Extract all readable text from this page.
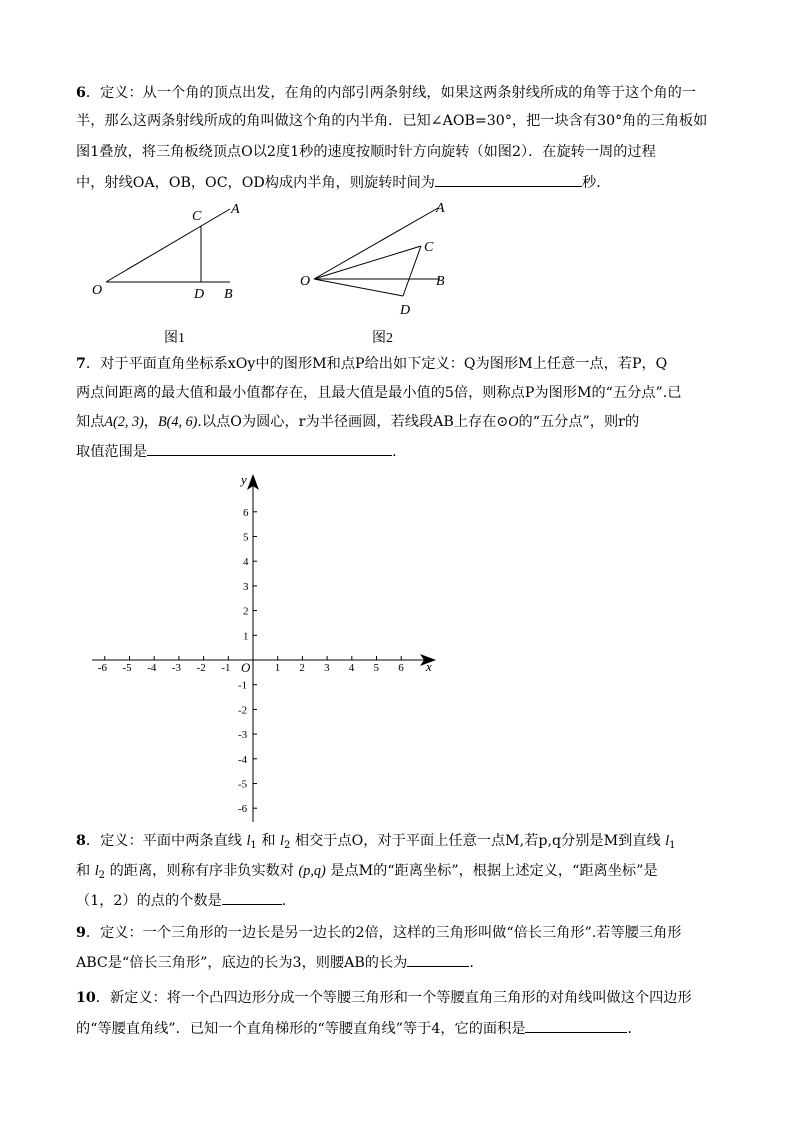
6．定义：从一个角的顶点出发，在角的内部引两条射线，如果这两条射线所成的角等于这个角的一
半，那么这两条射线所成的角叫做这个角的内半角．已知∠AOB=30°，把一块含有30°角的三角板如
图1叠放，将三角板绕顶点O以2度1秒的速度按顺时针方向旋转（如图2）．在旋转一周的过程
中，射线OA，OB，OC，OD构成内半角，则旋转时间为	秒．
O
A
C
D B
图1
O
A
C
B
D
图2
7．对于平面直角坐标系xOy中的图形M和点P给出如下定义：Q为图形M上任意一点，若P，Q
两点间距离的最大值和最小值都存在，且最大值是最小值的5倍，则称点P为图形M的“五分点”.已
知点A(2, 3)，B(4, 6).以点O为圆心，r为半径画圆，若线段AB上存在⊙O的“五分点”，则r的
取值范围是	.
x
y
O
-6 -5 -4 -3 -2 -1	1 2 3 4 5 6
6
5
4
3
2
1
-1
-2
-3
-4
-5
-6
8．定义：平面中两条直线 $l_1$ 和 $l_2$ 相交于点O，对于平面上任意一点M,若p,q分别是M到直线 $l_1$
和 $l_2$ 的距离，则称有序非负实数对 (p,q) 是点M的“距离坐标”，根据上述定义，“距离坐标”是
（1，2）的点的个数是	.
9．定义：一个三角形的一边长是另一边长的2倍，这样的三角形叫做“倍长三角形”.若等腰三角形
ABC是“倍长三角形”，底边的长为3，则腰AB的长为	.
10．新定义：将一个凸四边形分成一个等腰三角形和一个等腰直角三角形的对角线叫做这个四边形
的“等腰直角线”．已知一个直角梯形的“等腰直角线”等于4，它的面积是	．
